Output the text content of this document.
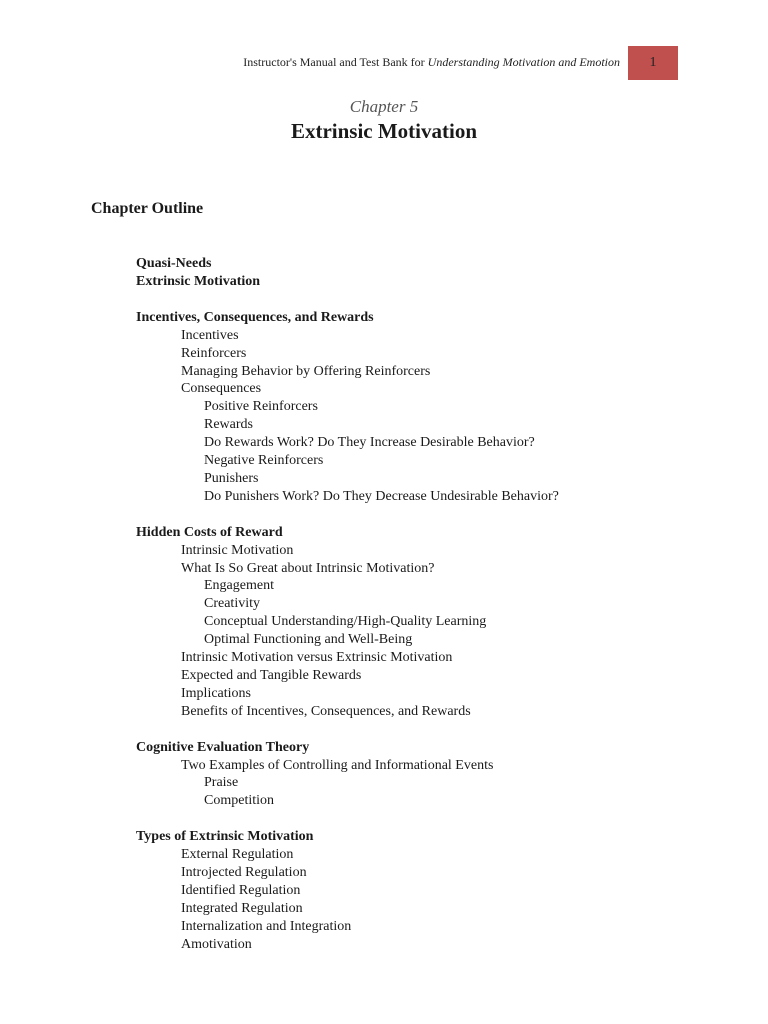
Instructor's Manual and Test Bank for Understanding Motivation and Emotion	1
Chapter 5
Extrinsic Motivation
Chapter Outline
Quasi-Needs
Extrinsic Motivation
Incentives, Consequences, and Rewards
Incentives
Reinforcers
Managing Behavior by Offering Reinforcers
Consequences
Positive Reinforcers
Rewards
Do Rewards Work? Do They Increase Desirable Behavior?
Negative Reinforcers
Punishers
Do Punishers Work? Do They Decrease Undesirable Behavior?
Hidden Costs of Reward
Intrinsic Motivation
What Is So Great about Intrinsic Motivation?
Engagement
Creativity
Conceptual Understanding/High-Quality Learning
Optimal Functioning and Well-Being
Intrinsic Motivation versus Extrinsic Motivation
Expected and Tangible Rewards
Implications
Benefits of Incentives, Consequences, and Rewards
Cognitive Evaluation Theory
Two Examples of Controlling and Informational Events
Praise
Competition
Types of Extrinsic Motivation
External Regulation
Introjected Regulation
Identified Regulation
Integrated Regulation
Internalization and Integration
Amotivation
